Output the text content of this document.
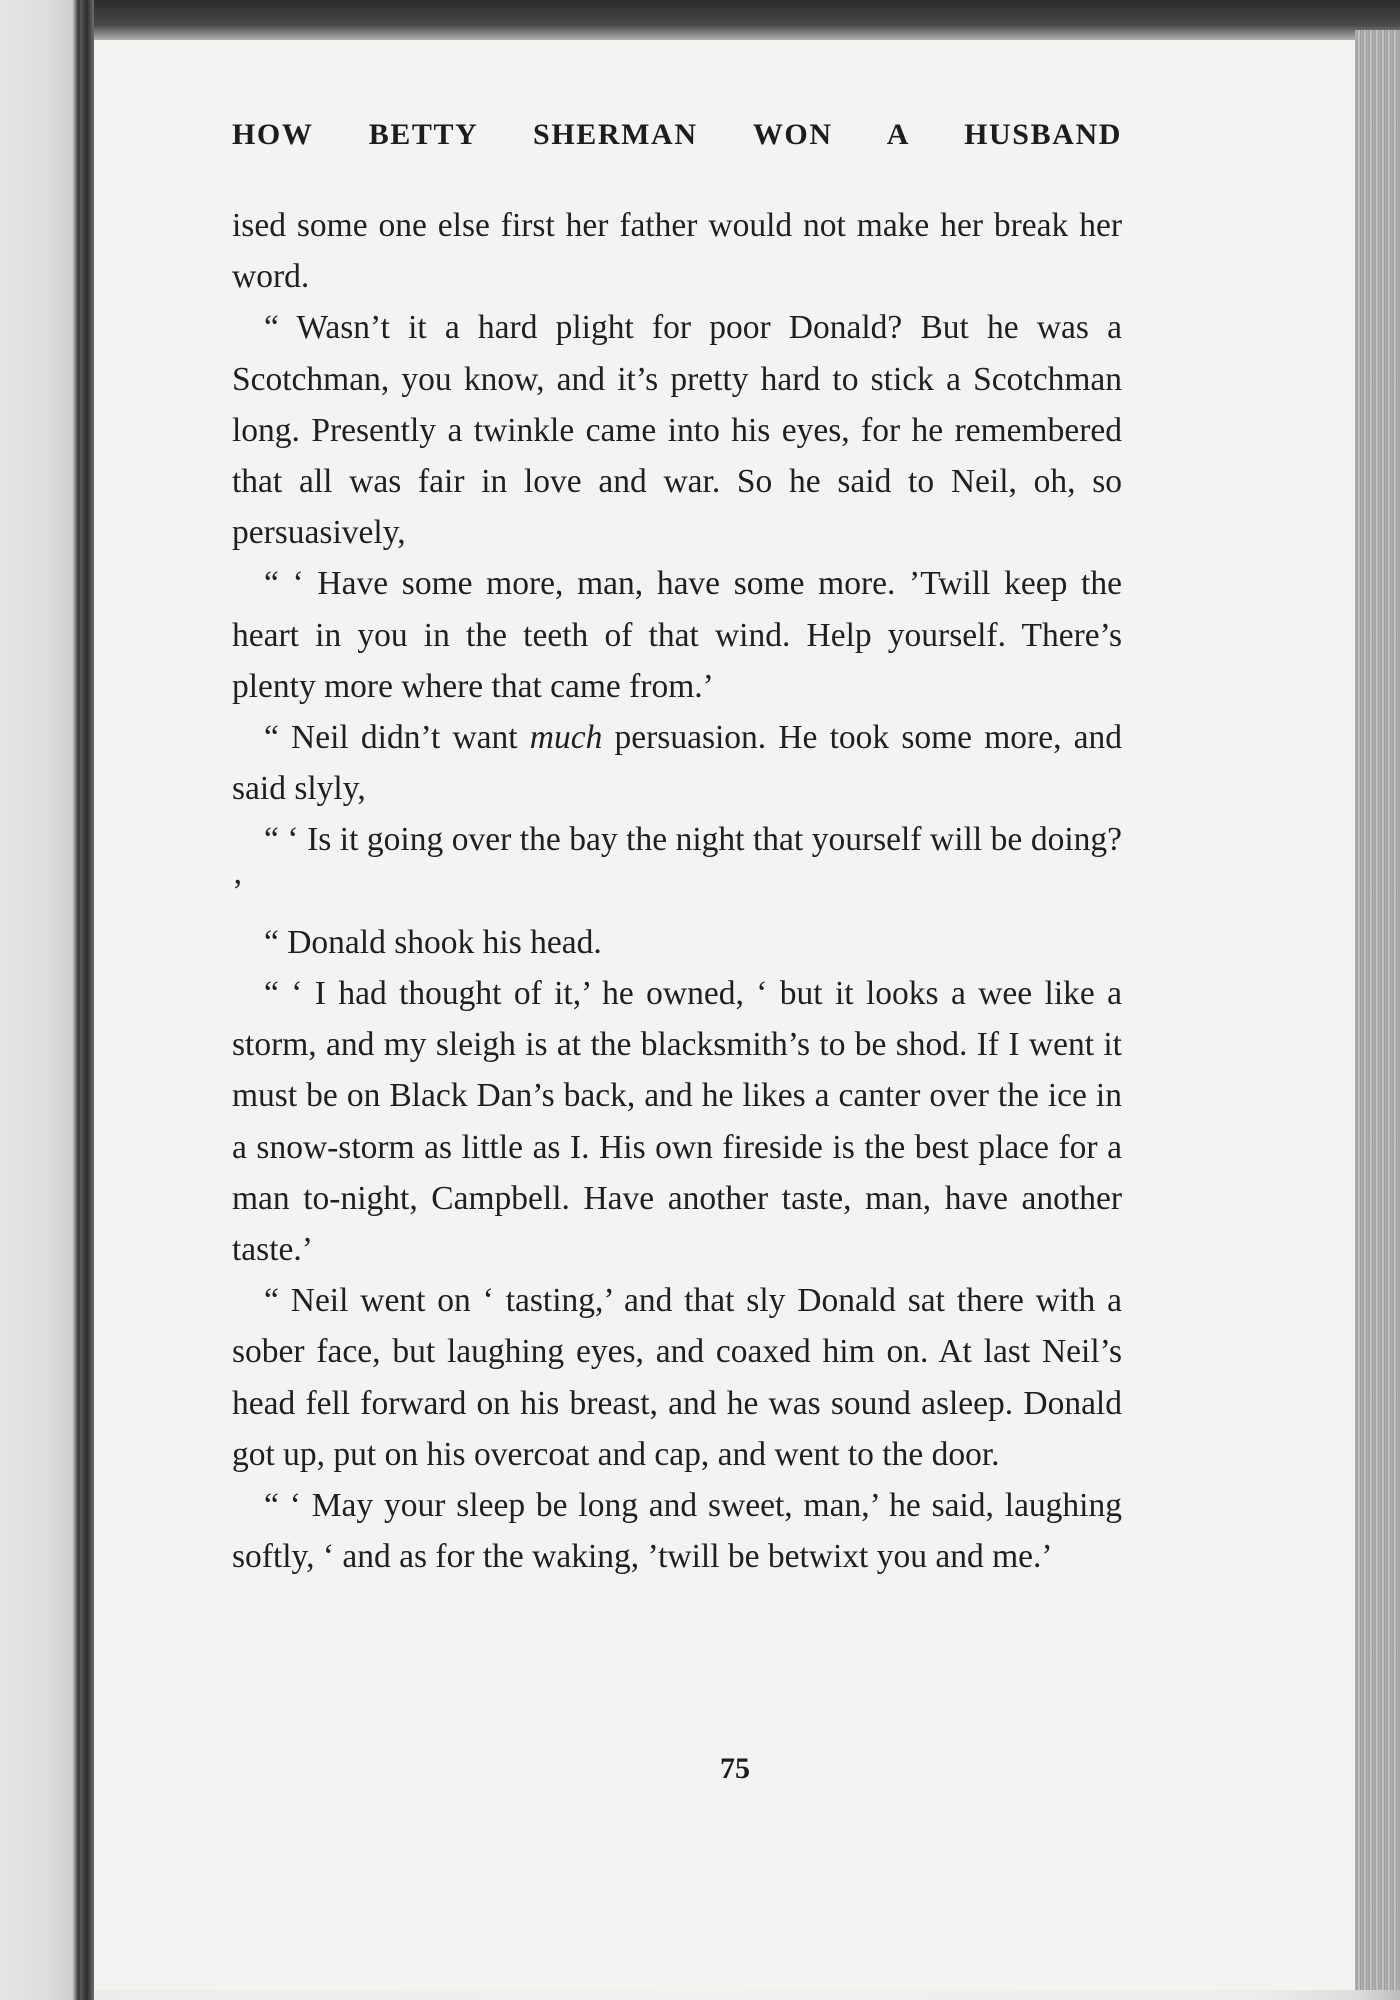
HOW BETTY SHERMAN WON A HUSBAND

ised some one else first her father would not make her break her word.

“ Wasn’t it a hard plight for poor Donald? But he was a Scotchman, you know, and it’s pretty hard to stick a Scotchman long. Presently a twinkle came into his eyes, for he remembered that all was fair in love and war. So he said to Neil, oh, so persuasively,

“ ‘ Have some more, man, have some more. ’Twill keep the heart in you in the teeth of that wind. Help yourself. There’s plenty more where that came from.’

“ Neil didn’t want much persuasion. He took some more, and said slyly,

“ ‘ Is it going over the bay the night that yourself will be doing? ’

“ Donald shook his head.

“ ‘ I had thought of it,’ he owned, ‘ but it looks a wee like a storm, and my sleigh is at the blacksmith’s to be shod. If I went it must be on Black Dan’s back, and he likes a canter over the ice in a snow-storm as little as I. His own fireside is the best place for a man to-night, Campbell. Have another taste, man, have another taste.’

“ Neil went on ‘ tasting,’ and that sly Donald sat there with a sober face, but laughing eyes, and coaxed him on. At last Neil’s head fell forward on his breast, and he was sound asleep. Donald got up, put on his overcoat and cap, and went to the door.

“ ‘ May your sleep be long and sweet, man,’ he said, laughing softly, ‘ and as for the waking, ’twill be betwixt you and me.’

75
